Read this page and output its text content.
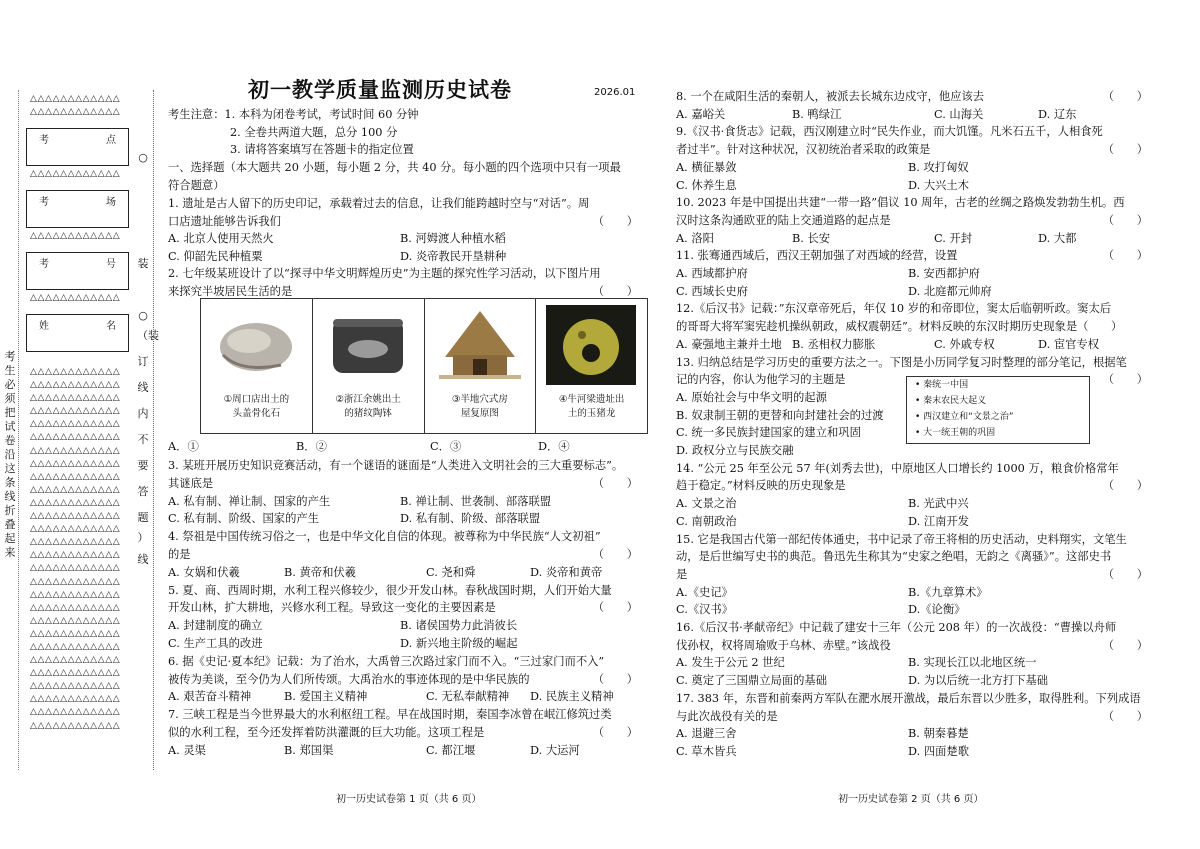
初一教学质量监测历史试卷	2026.01
△△△△△△△△△△△△
△△△△△△△△△△△△
考	点
△△△△△△△△△△△△
考	场
△△△△△△△△△△△△
考	号
△△△△△△△△△△△△
姓	名
△△△△△△△△△△△△
△△△△△△△△△△△△
△△△△△△△△△△△△
△△△△△△△△△△△△
△△△△△△△△△△△△
△△△△△△△△△△△△
△△△△△△△△△△△△
△△△△△△△△△△△△
△△△△△△△△△△△△
△△△△△△△△△△△△
△△△△△△△△△△△△
△△△△△△△△△△△△
△△△△△△△△△△△△
△△△△△△△△△△△△
△△△△△△△△△△△△
△△△△△△△△△△△△
△△△△△△△△△△△△
△△△△△△△△△△△△
△△△△△△△△△△△△
△△△△△△△△△△△△
△△△△△△△△△△△△
△△△△△△△△△△△△
△△△△△△△△△△△△
△△△△△△△△△△△△
△△△△△△△△△△△△
△△△△△△△△△△△△
△△△△△△△△△△△△
△△△△△△△△△△△△
考
生
必
须
把
试
卷
沿
这
条
线
折
叠
起
来
○
装
○
（装
订
线
内
不
要
答
题
）
线
考生注意：1. 本科为闭卷考试，考试时间 60 分钟
2. 全卷共两道大题，总分 100 分
3. 请将答案填写在答题卡的指定位置
一、选择题（本大题共 20 小题，每小题 2 分，共 40 分。每小题的四个选项中只有一项最
符合题意）
1. 遗址是古人留下的历史印记，承载着过去的信息，让我们能跨越时空与“对话”。周
口店遗址能够告诉我们	（　　）
A. 北京人使用天然火	B. 河姆渡人种植水稻
C. 仰韶先民种植粟	D. 炎帝教民开垦耕种
2. 七年级某班设计了以“探寻中华文明辉煌历史”为主题的探究性学习活动，以下图片用
来探究半坡居民生活的是	（　　）
①周口店出土的
头盖骨化石
②浙江余姚出土
的猪纹陶钵
③半地穴式房
屋复原图
④牛河梁遗址出
土的玉猪龙
A．①	B．②	C．③	D．④
3. 某班开展历史知识竞赛活动，有一个谜语的谜面是“人类进入文明社会的三大重要标志”。
其谜底是	（　　）
A. 私有制、禅让制、国家的产生	B. 禅让制、世袭制、部落联盟
C. 私有制、阶级、国家的产生	D. 私有制、阶级、部落联盟
4. 祭祖是中国传统习俗之一，也是中华文化自信的体现。被尊称为中华民族“人文初祖”
的是	（　　）
A. 女娲和伏羲	B. 黄帝和伏羲	C. 尧和舜	D. 炎帝和黄帝
5. 夏、商、西周时期，水利工程兴修较少，很少开发山林。春秋战国时期，人们开始大量
开发山林，扩大耕地，兴修水利工程。导致这一变化的主要因素是	（　　）
A. 封建制度的确立	B. 诸侯国势力此消彼长
C. 生产工具的改进	D. 新兴地主阶级的崛起
6. 据《史记·夏本纪》记载：为了治水，大禹曾三次路过家门而不入。“三过家门而不入”
被传为美谈，至今仍为人们所传颂。大禹治水的事迹体现的是中华民族的	（　　）
A. 艰苦奋斗精神	B. 爱国主义精神	C. 无私奉献精神 D. 民族主义精神
7. 三峡工程是当今世界最大的水利枢纽工程。早在战国时期，秦国李冰曾在岷江修筑过类
似的水利工程，至今还发挥着防洪灌溉的巨大功能。这项工程是	（　　）
A. 灵渠	B. 郑国渠	C. 都江堰	D. 大运河
8. 一个在咸阳生活的秦朝人，被派去长城东边戍守，他应该去	（　　）
A. 嘉峪关	B. 鸭绿江	C. 山海关	D. 辽东
9.《汉书·食货志》记载，西汉刚建立时“民失作业，而大饥馑。凡米石五千，人相食死
者过半”。针对这种状况，汉初统治者采取的政策是	（　　）
A. 横征暴敛	B. 攻打匈奴
C. 休养生息	D. 大兴土木
10. 2023 年是中国提出共建“一带一路”倡议 10 周年，古老的丝绸之路焕发勃勃生机。西
汉时这条沟通欧亚的陆上交通道路的起点是	（　　）
A. 洛阳	B. 长安	C. 开封	D. 大都
11. 张骞通西域后，西汉王朝加强了对西域的经营，设置	（　　）
A. 西域都护府	B. 安西都护府
C. 西域长史府	D. 北庭都元帅府
12.《后汉书》记载：”东汉章帝死后，年仅 10 岁的和帝即位，窦太后临朝听政。窦太后
的哥哥大将军窦宪趁机操纵朝政，威权震朝廷”。材料反映的东汉时期历史现象是（　　）
A. 豪强地主兼并土地 B. 丞相权力膨胀	C. 外戚专权	D. 宦官专权
13. 归纳总结是学习历史的重要方法之一。下图是小历同学复习时整理的部分笔记，根据笔
记的内容，你认为他学习的主题是	（　　）
A. 原始社会与中华文明的起源
B. 奴隶制王朝的更替和向封建社会的过渡
C. 统一多民族封建国家的建立和巩固
D. 政权分立与民族交融
14. “公元 25 年至公元 57 年(刘秀去世)，中原地区人口增长约 1000 万，粮食价格常年
趋于稳定。”材料反映的历史现象是	（　　）
A. 文景之治	B. 光武中兴
C. 南朝政治	D. 江南开发
15. 它是我国古代第一部纪传体通史，书中记录了帝王将相的历史活动，史料翔实，文笔生
动，是后世编写史书的典范。鲁迅先生称其为“史家之绝唱，无韵之《离骚》”。这部史书
是	（　　）
A.《史记》	B.《九章算术》
C.《汉书》	D.《论衡》
16.《后汉书·孝献帝纪》中记载了建安十三年（公元 208 年）的一次战役：“曹操以舟师
伐孙权，权将周瑜败于乌林、赤壁。”该战役	（　　）
A. 发生于公元 2 世纪	B. 实现长江以北地区统一
C. 奠定了三国鼎立局面的基础	D. 为以后统一北方打下基础
17. 383 年，东晋和前秦两方军队在淝水展开激战，最后东晋以少胜多，取得胜利。下列成语
与此次战役有关的是	（　　）
A. 退避三舍	B. 朝秦暮楚
C. 草木皆兵	D. 四面楚歌
• 秦统一中国
• 秦末农民大起义
• 西汉建立和“文景之治”
• 大一统王朝的巩固
初一历史试卷第 1 页（共 6 页）	初一历史试卷第 2 页（共 6 页）
